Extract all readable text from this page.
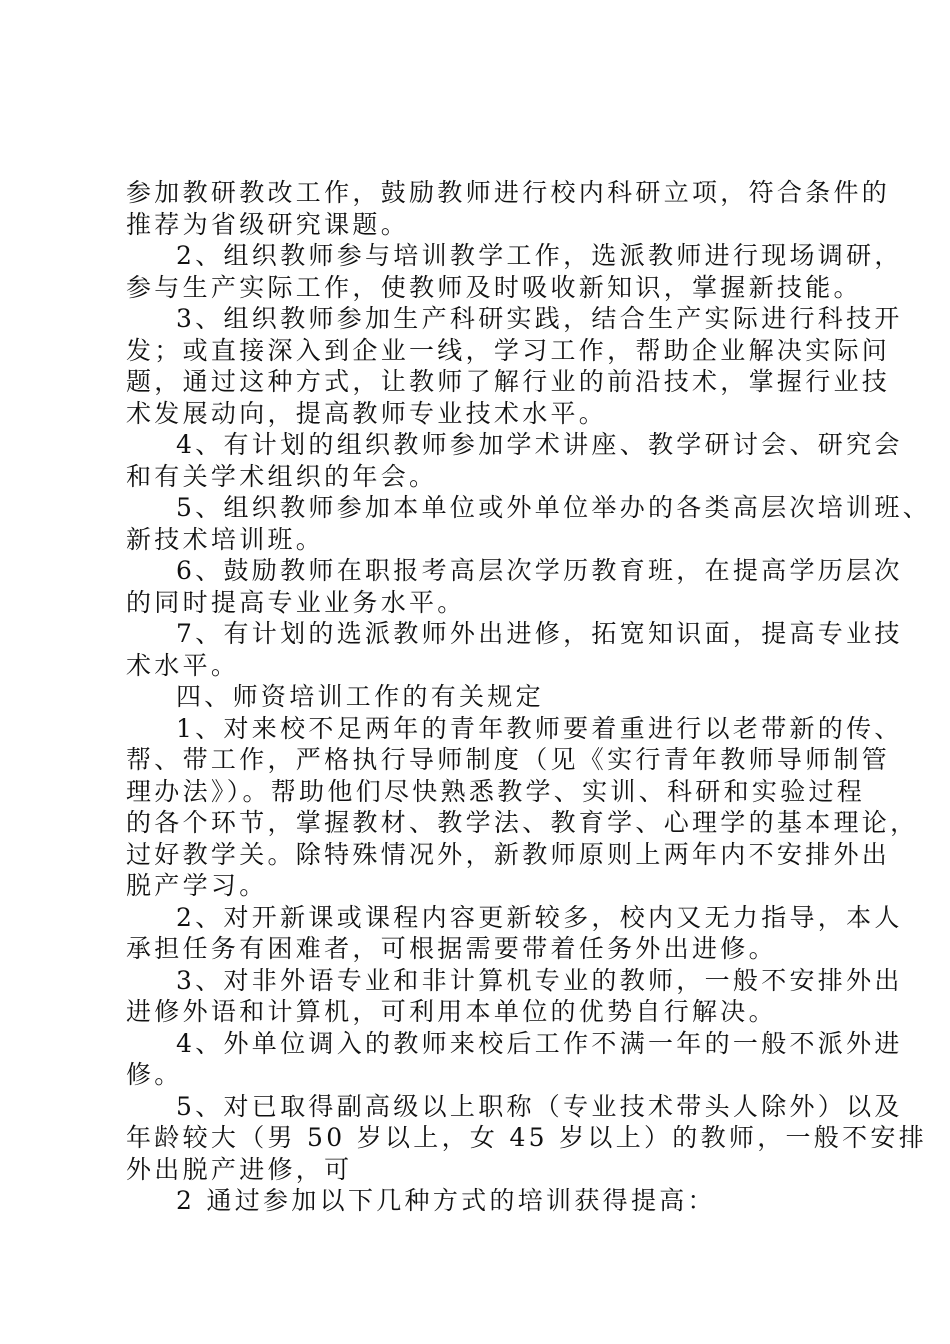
参加教研教改工作，鼓励教师进行校内科研立项，符合条件的
推荐为省级研究课题。
2、组织教师参与培训教学工作，选派教师进行现场调研，
参与生产实际工作，使教师及时吸收新知识，掌握新技能。
3、组织教师参加生产科研实践，结合生产实际进行科技开
发；或直接深入到企业一线，学习工作，帮助企业解决实际问
题，通过这种方式，让教师了解行业的前沿技术，掌握行业技
术发展动向，提高教师专业技术水平。
4、有计划的组织教师参加学术讲座、教学研讨会、研究会
和有关学术组织的年会。
5、组织教师参加本单位或外单位举办的各类高层次培训班、
新技术培训班。
6、鼓励教师在职报考高层次学历教育班，在提高学历层次
的同时提高专业业务水平。
7、有计划的选派教师外出进修，拓宽知识面，提高专业技
术水平。
四、师资培训工作的有关规定
1、对来校不足两年的青年教师要着重进行以老带新的传、
帮、带工作，严格执行导师制度（见《实行青年教师导师制管
理办法》）。帮助他们尽快熟悉教学、实训、科研和实验过程
的各个环节，掌握教材、教学法、教育学、心理学的基本理论，
过好教学关。除特殊情况外，新教师原则上两年内不安排外出
脱产学习。
2、对开新课或课程内容更新较多，校内又无力指导，本人
承担任务有困难者，可根据需要带着任务外出进修。
3、对非外语专业和非计算机专业的教师，一般不安排外出
进修外语和计算机，可利用本单位的优势自行解决。
4、外单位调入的教师来校后工作不满一年的一般不派外进
修。
5、对已取得副高级以上职称（专业技术带头人除外）以及
年龄较大（男 50 岁以上，女 45 岁以上）的教师，一般不安排
外出脱产进修，可
2 通过参加以下几种方式的培训获得提高：
